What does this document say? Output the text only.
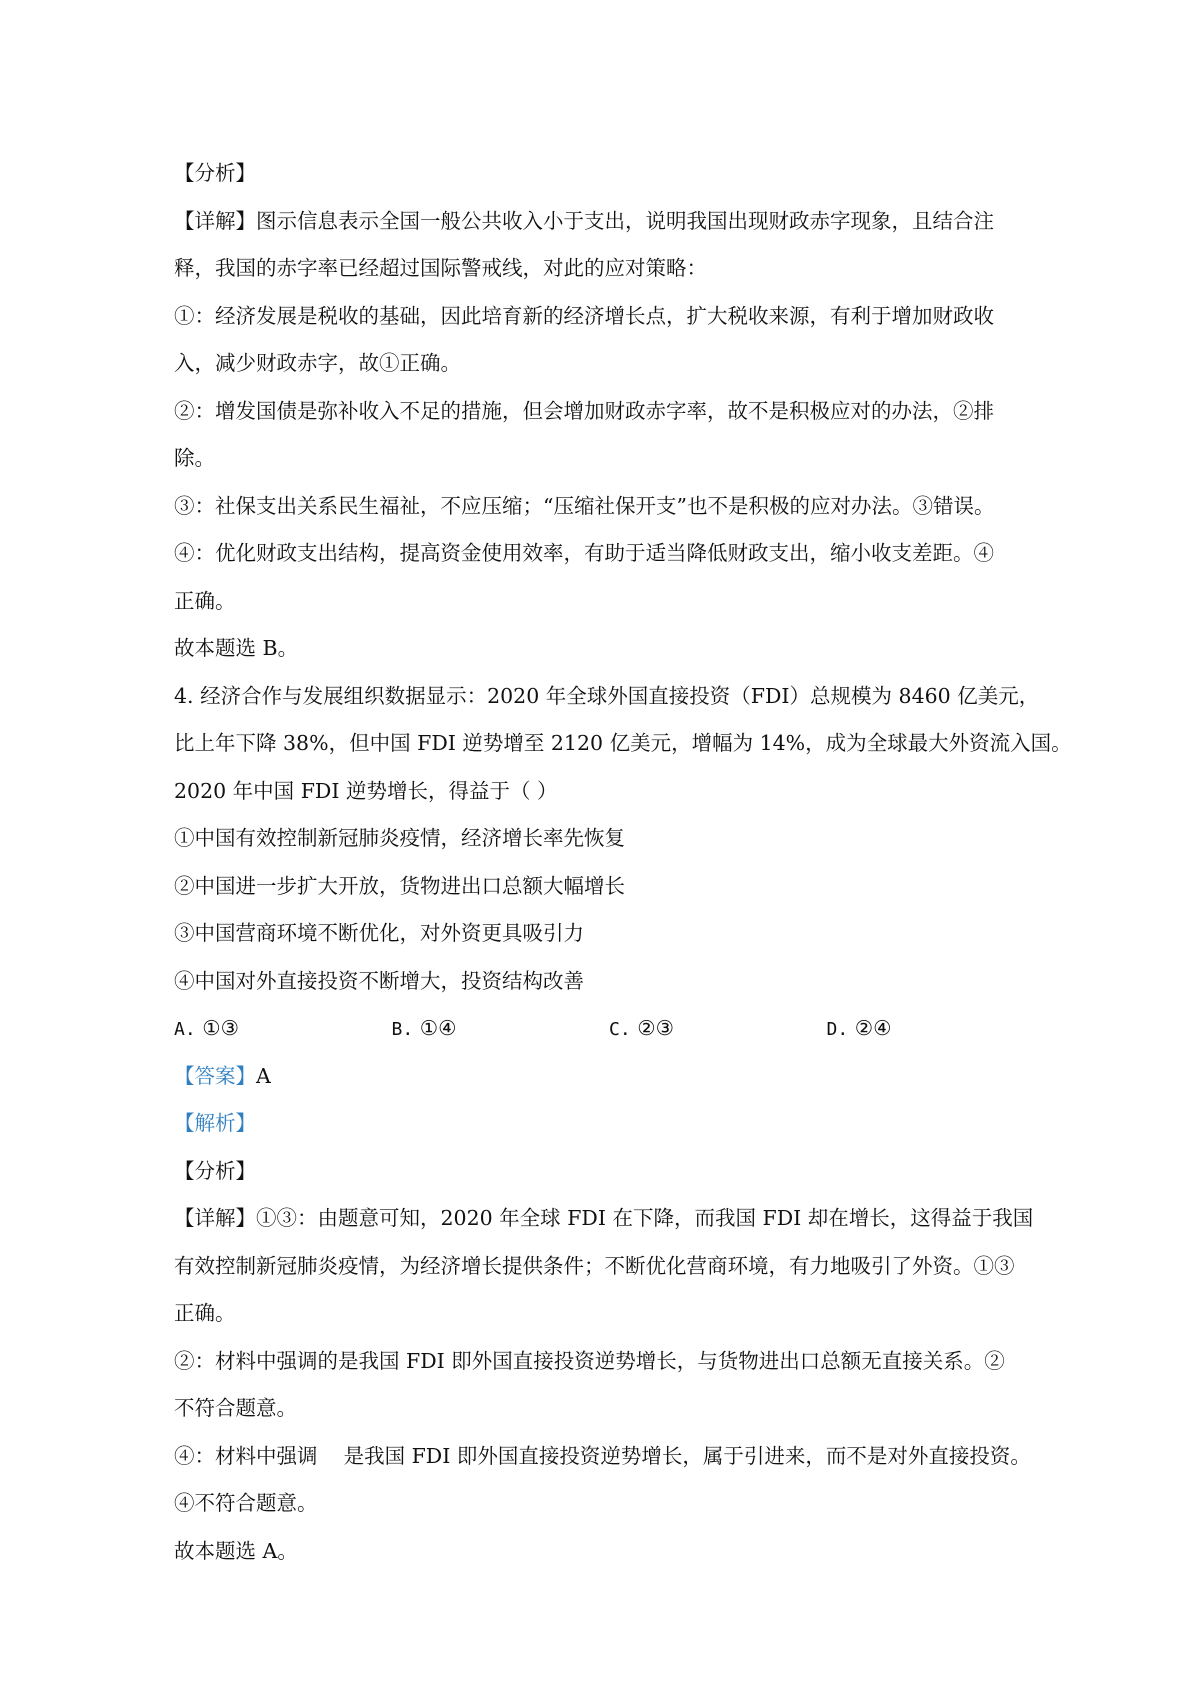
【分析】
【详解】图示信息表示全国一般公共收入小于支出，说明我国出现财政赤字现象，且结合注
释，我国的赤字率已经超过国际警戒线，对此的应对策略：
①：经济发展是税收的基础，因此培育新的经济增长点，扩大税收来源，有利于增加财政收
入，减少财政赤字，故①正确。
②：增发国债是弥补收入不足的措施，但会增加财政赤字率，故不是积极应对的办法，②排
除。
③：社保支出关系民生福祉，不应压缩；“压缩社保开支”也不是积极的应对办法。③错误。
④：优化财政支出结构，提高资金使用效率，有助于适当降低财政支出，缩小收支差距。④
正确。
故本题选 B。
4. 经济合作与发展组织数据显示：2020 年全球外国直接投资（FDI）总规模为 8460 亿美元，
比上年下降 38%，但中国 FDI 逆势增至 2120 亿美元，增幅为 14%，成为全球最大外资流入国。
2020 年中国 FDI 逆势增长，得益于（ ）
①中国有效控制新冠肺炎疫情，经济增长率先恢复
②中国进一步扩大开放，货物进出口总额大幅增长
③中国营商环境不断优化，对外资更具吸引力
④中国对外直接投资不断增大，投资结构改善
A. ①③	B. ①④	C. ②③	D. ②④
【答案】A
【解析】
【分析】
【详解】①③：由题意可知，2020 年全球 FDI 在下降，而我国 FDI 却在增长，这得益于我国
有效控制新冠肺炎疫情，为经济增长提供条件；不断优化营商环境，有力地吸引了外资。①③
正确。
②：材料中强调的是我国 FDI 即外国直接投资逆势增长，与货物进出口总额无直接关系。②
不符合题意。
④：材料中强调    是我国 FDI 即外国直接投资逆势增长，属于引进来，而不是对外直接投资。
④不符合题意。
故本题选 A。
